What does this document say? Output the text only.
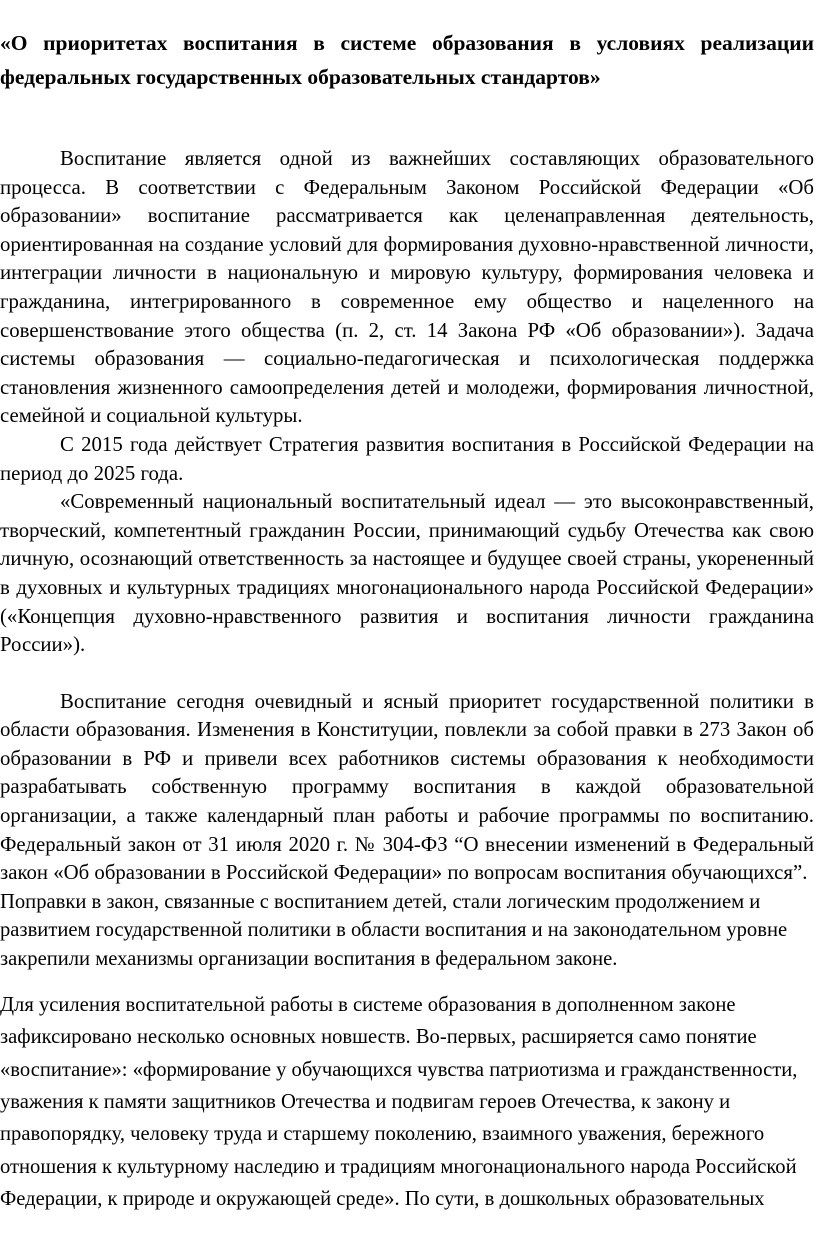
«О приоритетах воспитания в системе образования в условиях реализации федеральных государственных образовательных стандартов»

Воспитание является одной из важнейших составляющих образовательного процесса. В соответствии с Федеральным Законом Российской Федерации «Об образовании» воспитание рассматривается как целенаправленная деятельность, ориентированная на создание условий для формирования духовно-нравственной личности, интеграции личности в национальную и мировую культуру, формирования человека и гражданина, интегрированного в современное ему общество и нацеленного на совершенствование этого общества (п. 2, ст. 14 Закона РФ «Об образовании»). Задача системы образования — социально-педагогическая и психологическая поддержка становления жизненного самоопределения детей и молодежи, формирования личностной, семейной и социальной культуры.

С 2015 года действует Стратегия развития воспитания в Российской Федерации на период до 2025 года.

«Современный национальный воспитательный идеал — это высоконравственный, творческий, компетентный гражданин России, принимающий судьбу Отечества как свою личную, осознающий ответственность за настоящее и будущее своей страны, укорененный в духовных и культурных традициях многонационального народа Российской Федерации» («Концепция духовно-нравственного развития и воспитания личности гражданина России»).

Воспитание сегодня очевидный и ясный приоритет государственной политики в области образования. Изменения в Конституции, повлекли за собой правки в 273 Закон об образовании в РФ и привели всех работников системы образования к необходимости разрабатывать собственную программу воспитания в каждой образовательной организации, а также календарный план работы и рабочие программы по воспитанию. Федеральный закон от 31 июля 2020 г. № 304-ФЗ “О внесении изменений в Федеральный закон «Об образовании в Российской Федерации» по вопросам воспитания обучающихся”.

Поправки в закон, связанные с воспитанием детей, стали логическим продолжением и развитием государственной политики в области воспитания и на законодательном уровне закрепили механизмы организации воспитания в федеральном законе.

Для усиления воспитательной работы в системе образования в дополненном законе зафиксировано несколько основных новшеств. Во-первых, расширяется само понятие «воспитание»: «формирование у обучающихся чувства патриотизма и гражданственности, уважения к памяти защитников Отечества и подвигам героев Отечества, к закону и правопорядку, человеку труда и старшему поколению, взаимного уважения, бережного отношения к культурному наследию и традициям многонационального народа Российской Федерации, к природе и окружающей среде». По сути, в дошкольных образовательных
